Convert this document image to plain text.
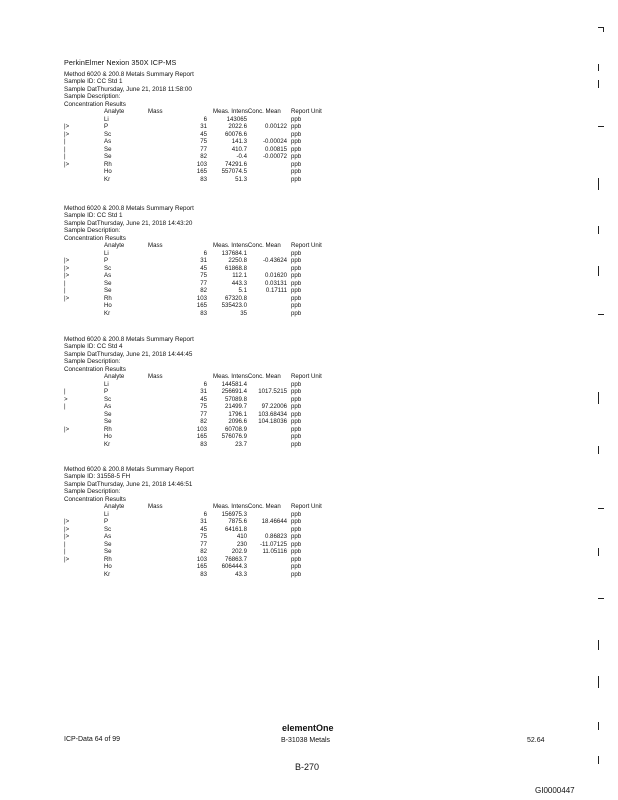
PerkinElmer Nexion 350X ICP-MS
Method 6020 & 200.8 Metals Summary Report
Sample ID: CC Std 1
Sample DatThursday, June 21, 2018 11:58:00
Sample Description:
Concentration Results
	Analyte	Mass		Meas. IntensConc. Mean		Report Unit
	Li		6	143065		ppb
|>	P		31	2022.6	0.00122	ppb
|>	Sc		45	60076.6		ppb
|	As		75	141.3	-0.00024	ppb
|	Se		77	410.7	0.00815	ppb
|	Se		82	-0.4	-0.00072	ppb
|>	Rh		103	74291.6		ppb
	Ho		165	557074.5		ppb
	Kr		83	51.3		ppb
Method 6020 & 200.8 Metals Summary Report
Sample ID: CC Std 1
Sample DatThursday, June 21, 2018 14:43:20
Sample Description:
Concentration Results
	Analyte	Mass		Meas. IntensConc. Mean		Report Unit
	Li		6	137684.1		ppb
|>	P		31	2250.8	-0.43624	ppb
|>	Sc		45	61868.8		ppb
|>	As		75	112.1	0.01620	ppb
|	Se		77	443.3	0.03131	ppb
|	Se		82	5.1	0.17111	ppb
|>	Rh		103	67320.8		ppb
	Ho		165	535423.0		ppb
	Kr		83	35		ppb
Method 6020 & 200.8 Metals Summary Report
Sample ID: CC Std 4
Sample DatThursday, June 21, 2018 14:44:45
Sample Description:
Concentration Results
	Analyte	Mass		Meas. IntensConc. Mean		Report Unit
	Li		6	144581.4		ppb
|	P		31	256691.4	1017.5215	ppb
>	Sc		45	57089.8		ppb
|	As		75	21499.7	97.22006	ppb
	Se		77	1796.1	103.68434	ppb
	Se		82	2096.6	104.18036	ppb
|>	Rh		103	60708.9		ppb
	Ho		165	576076.9		ppb
	Kr		83	23.7		ppb
Method 6020 & 200.8 Metals Summary Report
Sample ID: 31558-5 FH
Sample DatThursday, June 21, 2018 14:46:51
Sample Description:
Concentration Results
	Analyte	Mass		Meas. IntensConc. Mean		Report Unit
	Li		6	156975.3		ppb
|>	P		31	7875.6	18.46644	ppb
|>	Sc		45	64161.8		ppb
|>	As		75	410	0.86823	ppb
|	Se		77	230	-11.07125	ppb
|	Se		82	202.9	11.05116	ppb
|>	Rh		103	76863.7		ppb
	Ho		165	606444.3		ppb
	Kr		83	43.3		ppb
ICP-Data 64 of 99
elementOne
B-31038 Metals	52.64
B-270
GI0000447
